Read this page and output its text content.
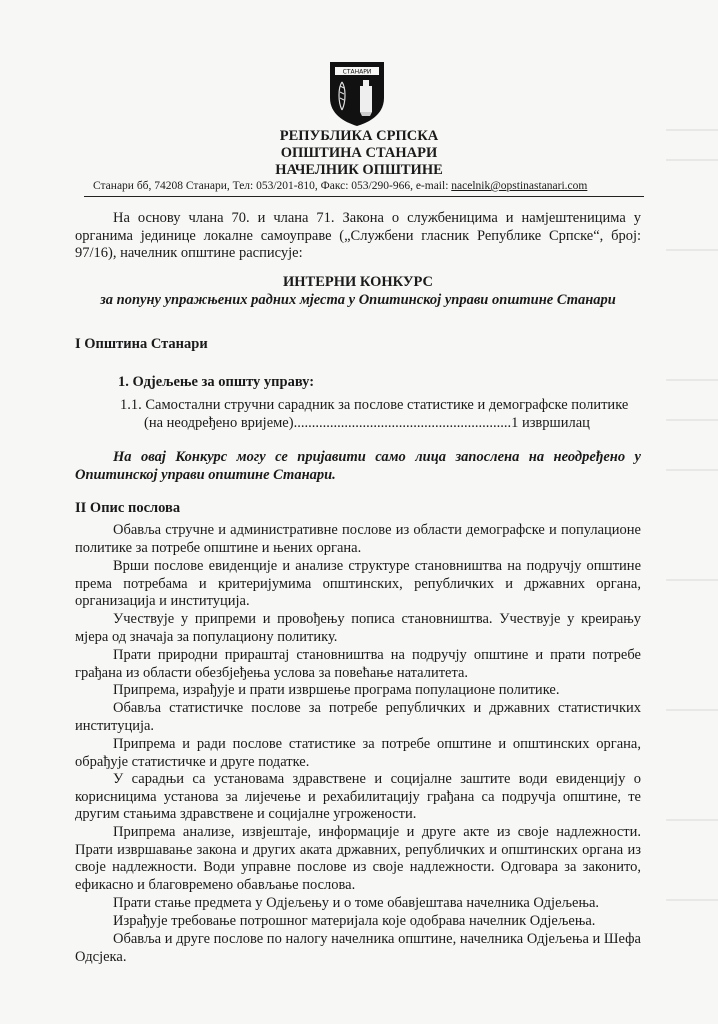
СТАНАРИ
РЕПУБЛИКА СРПСКА
ОПШТИНА СТАНАРИ
НАЧЕЛНИК ОПШТИНЕ
Станари бб, 74208 Станари, Тел: 053/201-810, Факс: 053/290-966, e-mail: nacelnik@opstinastanari.com
На основу члана 70. и члана 71. Закона о службеницима и намјештеницима у органима јединице локалне самоуправе („Службени гласник Републике Српске“, број: 97/16), начелник општине расписује:
ИНТЕРНИ КОНКУРС
за попуну упражњених радних мјеста у Општинској управи општине Станари
I Општина Станари
1. Одјељење за општу управу:
1.1. Самостални стручни сарадник за послове статистике и демографске политике
(на неодређено вријеме)............................................................1 извршилац
На овај Конкурс могу се пријавити само лица запослена на неодређено у Општинској управи општине Станари.
II Опис послова
Обавља стручне и административне послове из области демографске и популационе политике за потребе општине и њених органа.
Врши послове евиденције и анализе структуре становништва на подручју општине према потребама и критеријумима општинских, републичких и државних органа, организација и институција.
Учествује у припреми и провођењу пописа становништва. Учествује у креирању мјера од значаја за популациону политику.
Прати природни прираштај становништва на подручју општине и прати потребе грађана из области обезбјеђења услова за повећање наталитета.
Припрема, израђује и прати извршење програма популационе политике.
Обавља статистичке послове за потребе републичких и државних статистичких институција.
Припрема и ради послове статистике за потребе општине и општинских органа, обрађује статистичке и друге податке.
У сарадњи са установама здравствене и социјалне заштите води евиденцију о корисницима установа за лијечење и рехабилитацију грађана са подручја општине, те другим стањима здравствене и социјалне угрожености.
Припрема анализе, извјештаје, информације и друге акте из своје надлежности. Прати извршавање закона и других аката државних, републичких и општинских органа из своје надлежности. Води управне послове из своје надлежности. Одговара за законито, ефикасно и благовремено обављање послова.
Прати стање предмета у Одјељењу и о томе обавјештава начелника Одјељења.
Израђује требовање потрошног материјала које одобрава начелник Одјељења.
Обавља и друге послове по налогу начелника општине, начелника Одјељења и Шефа Одсјека.
